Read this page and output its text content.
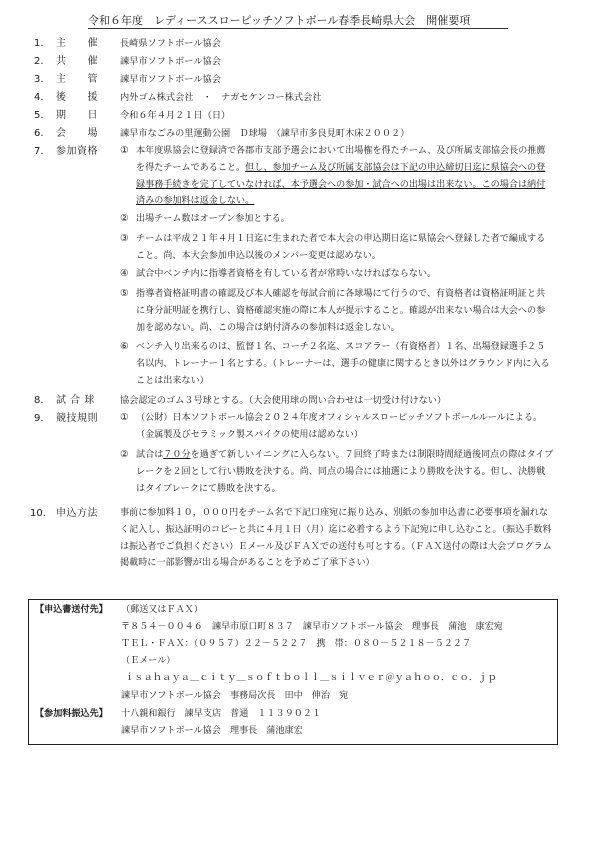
令和６年度　レディーススローピッチソフトボール春季長崎県大会　開催要項
1. 主　　催 長崎県ソフトボール協会
2. 共　　催 諫早市ソフトボール協会
3. 主　　管 諫早市ソフトボール協会
4. 後　　援 内外ゴム株式会社　・　ナガセケンコー株式会社
5. 期　　日 令和６年４月２１日（日）
6. 会　　場 諫早市なごみの里運動公園　Ｄ球場　（諫早市多良見町木床２００２）
7. 参加資格 ① 本年度県協会に登録済で各郡市支部予選会において出場権を得たチーム、及び所属支部協会長の推薦を得たチームであること。但し、参加チーム及び所属支部協会は下記の申込締切日迄に県協会への登録事務手続きを完了していなければ、本予選会への参加・試合への出場は出来ない。この場合は納付済みの参加料は返金しない。
② 出場チーム数はオープン参加とする。
③ チームは平成２１年４月１日迄に生まれた者で本大会の申込期日迄に県協会へ登録した者で編成すること。尚、本大会参加申込以後のメンバー変更は認めない。
④ 試合中ベンチ内に指導者資格を有している者が常時いなければならない。
⑤ 指導者資格証明書の確認及び本人確認を毎試合前に各球場にて行うので、有資格者は資格証明証と共に身分証明証を携行し、資格確認実施の際に本人が提示すること。確認が出来ない場合は大会への参加を認めない。尚、この場合は納付済みの参加料は返金しない。
⑥ ベンチ入り出来るのは、監督１名、コーチ２名迄、スコアラー（有資格者）１名、出場登録選手２５名以内、トレーナー１名とする。（トレーナーは、選手の健康に関するとき以外はグラウンド内に入ることは出来ない）
8. 試 合 球	協会認定のゴム３号球とする。（大会使用球の問い合わせは一切受け付けない）
9. 競技規則 ① （公財）日本ソフトボール協会２０２４年度オフィシャルスローピッチソフトボールルールによる。（金属製及びセラミック製スパイクの使用は認めない）
② 試合は７０分を過ぎて新しいイニングに入らない。７回終了時または制限時間経過後同点の際はタイブレークを２回として行い勝敗を決する。尚、同点の場合には抽選により勝敗を決する。但し、決勝戦はタイブレークにて勝敗を決する。
10. 申込方法 事前に参加料１０，０００円をチーム名で下記口座宛に振り込み、別紙の参加申込書に必要事項を漏れなく記入し、振込証明のコピーと共に４月１日（月）迄に必着するよう下記宛に申し込むこと。（振込手数料は振込者でご負担ください）Ｅメール及びＦＡＸでの送付も可とする。（ＦＡＸ送付の際は大会プログラム掲載時に一部影響が出る場合があることを予めご了承下さい）
【申込書送付先】 （郵送又はＦＡＸ）
〒８５４－００４６　諫早市原口町８３７　諫早市ソフトボール協会　理事長　蒲池　康宏宛
ＴＥＬ・ＦＡＸ：（０９５７）２２－５２２７　携　帯：０８０－５２１８－５２２７
（Ｅメール）
ｉｓａｈａｙａ＿ｃｉｔｙ＿ｓｏｆｔｂｏｌｌ＿ｓｉｌｖｅｒ＠ｙａｈｏｏ．ｃｏ．ｊｐ
諫早市ソフトボール協会　事務局次長　田中　伸治　宛
【参加料振込先】 十八親和銀行　諫早支店　普通　１１３９０２１
諫早市ソフトボール協会　理事長　蒲池康宏
